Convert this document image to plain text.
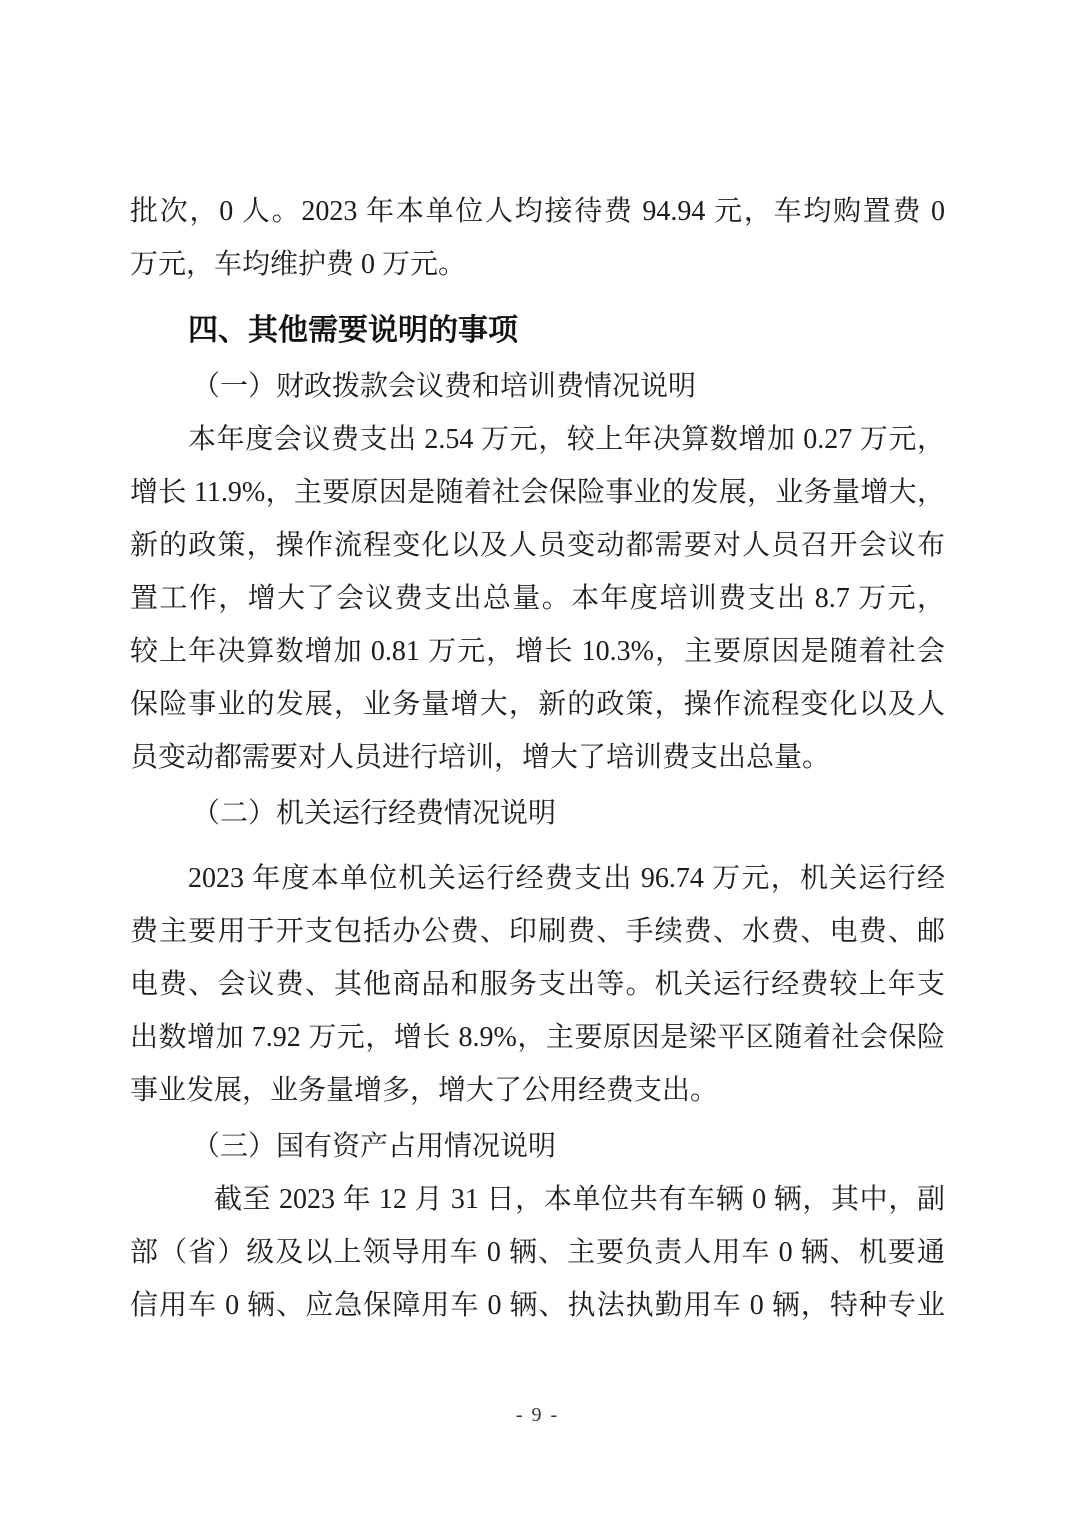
批次，0 人。2023 年本单位人均接待费 94.94 元，车均购置费 0
万元，车均维护费 0 万元。
四、其他需要说明的事项
（一）财政拨款会议费和培训费情况说明
本年度会议费支出 2.54 万元，较上年决算数增加 0.27 万元，
增长 11.9%，主要原因是随着社会保险事业的发展，业务量增大，
新的政策，操作流程变化以及人员变动都需要对人员召开会议布
置工作，增大了会议费支出总量。本年度培训费支出 8.7 万元，
较上年决算数增加 0.81 万元，增长 10.3%，主要原因是随着社会
保险事业的发展，业务量增大，新的政策，操作流程变化以及人
员变动都需要对人员进行培训，增大了培训费支出总量。
（二）机关运行经费情况说明
2023 年度本单位机关运行经费支出 96.74 万元，机关运行经
费主要用于开支包括办公费、印刷费、手续费、水费、电费、邮
电费、会议费、其他商品和服务支出等。机关运行经费较上年支
出数增加 7.92 万元，增长 8.9%，主要原因是梁平区随着社会保险
事业发展，业务量增多，增大了公用经费支出。
（三）国有资产占用情况说明
截至 2023 年 12 月 31 日，本单位共有车辆 0 辆，其中，副
部（省）级及以上领导用车 0 辆、主要负责人用车 0 辆、机要通
信用车 0 辆、应急保障用车 0 辆、执法执勤用车 0 辆，特种专业
- 9 -
